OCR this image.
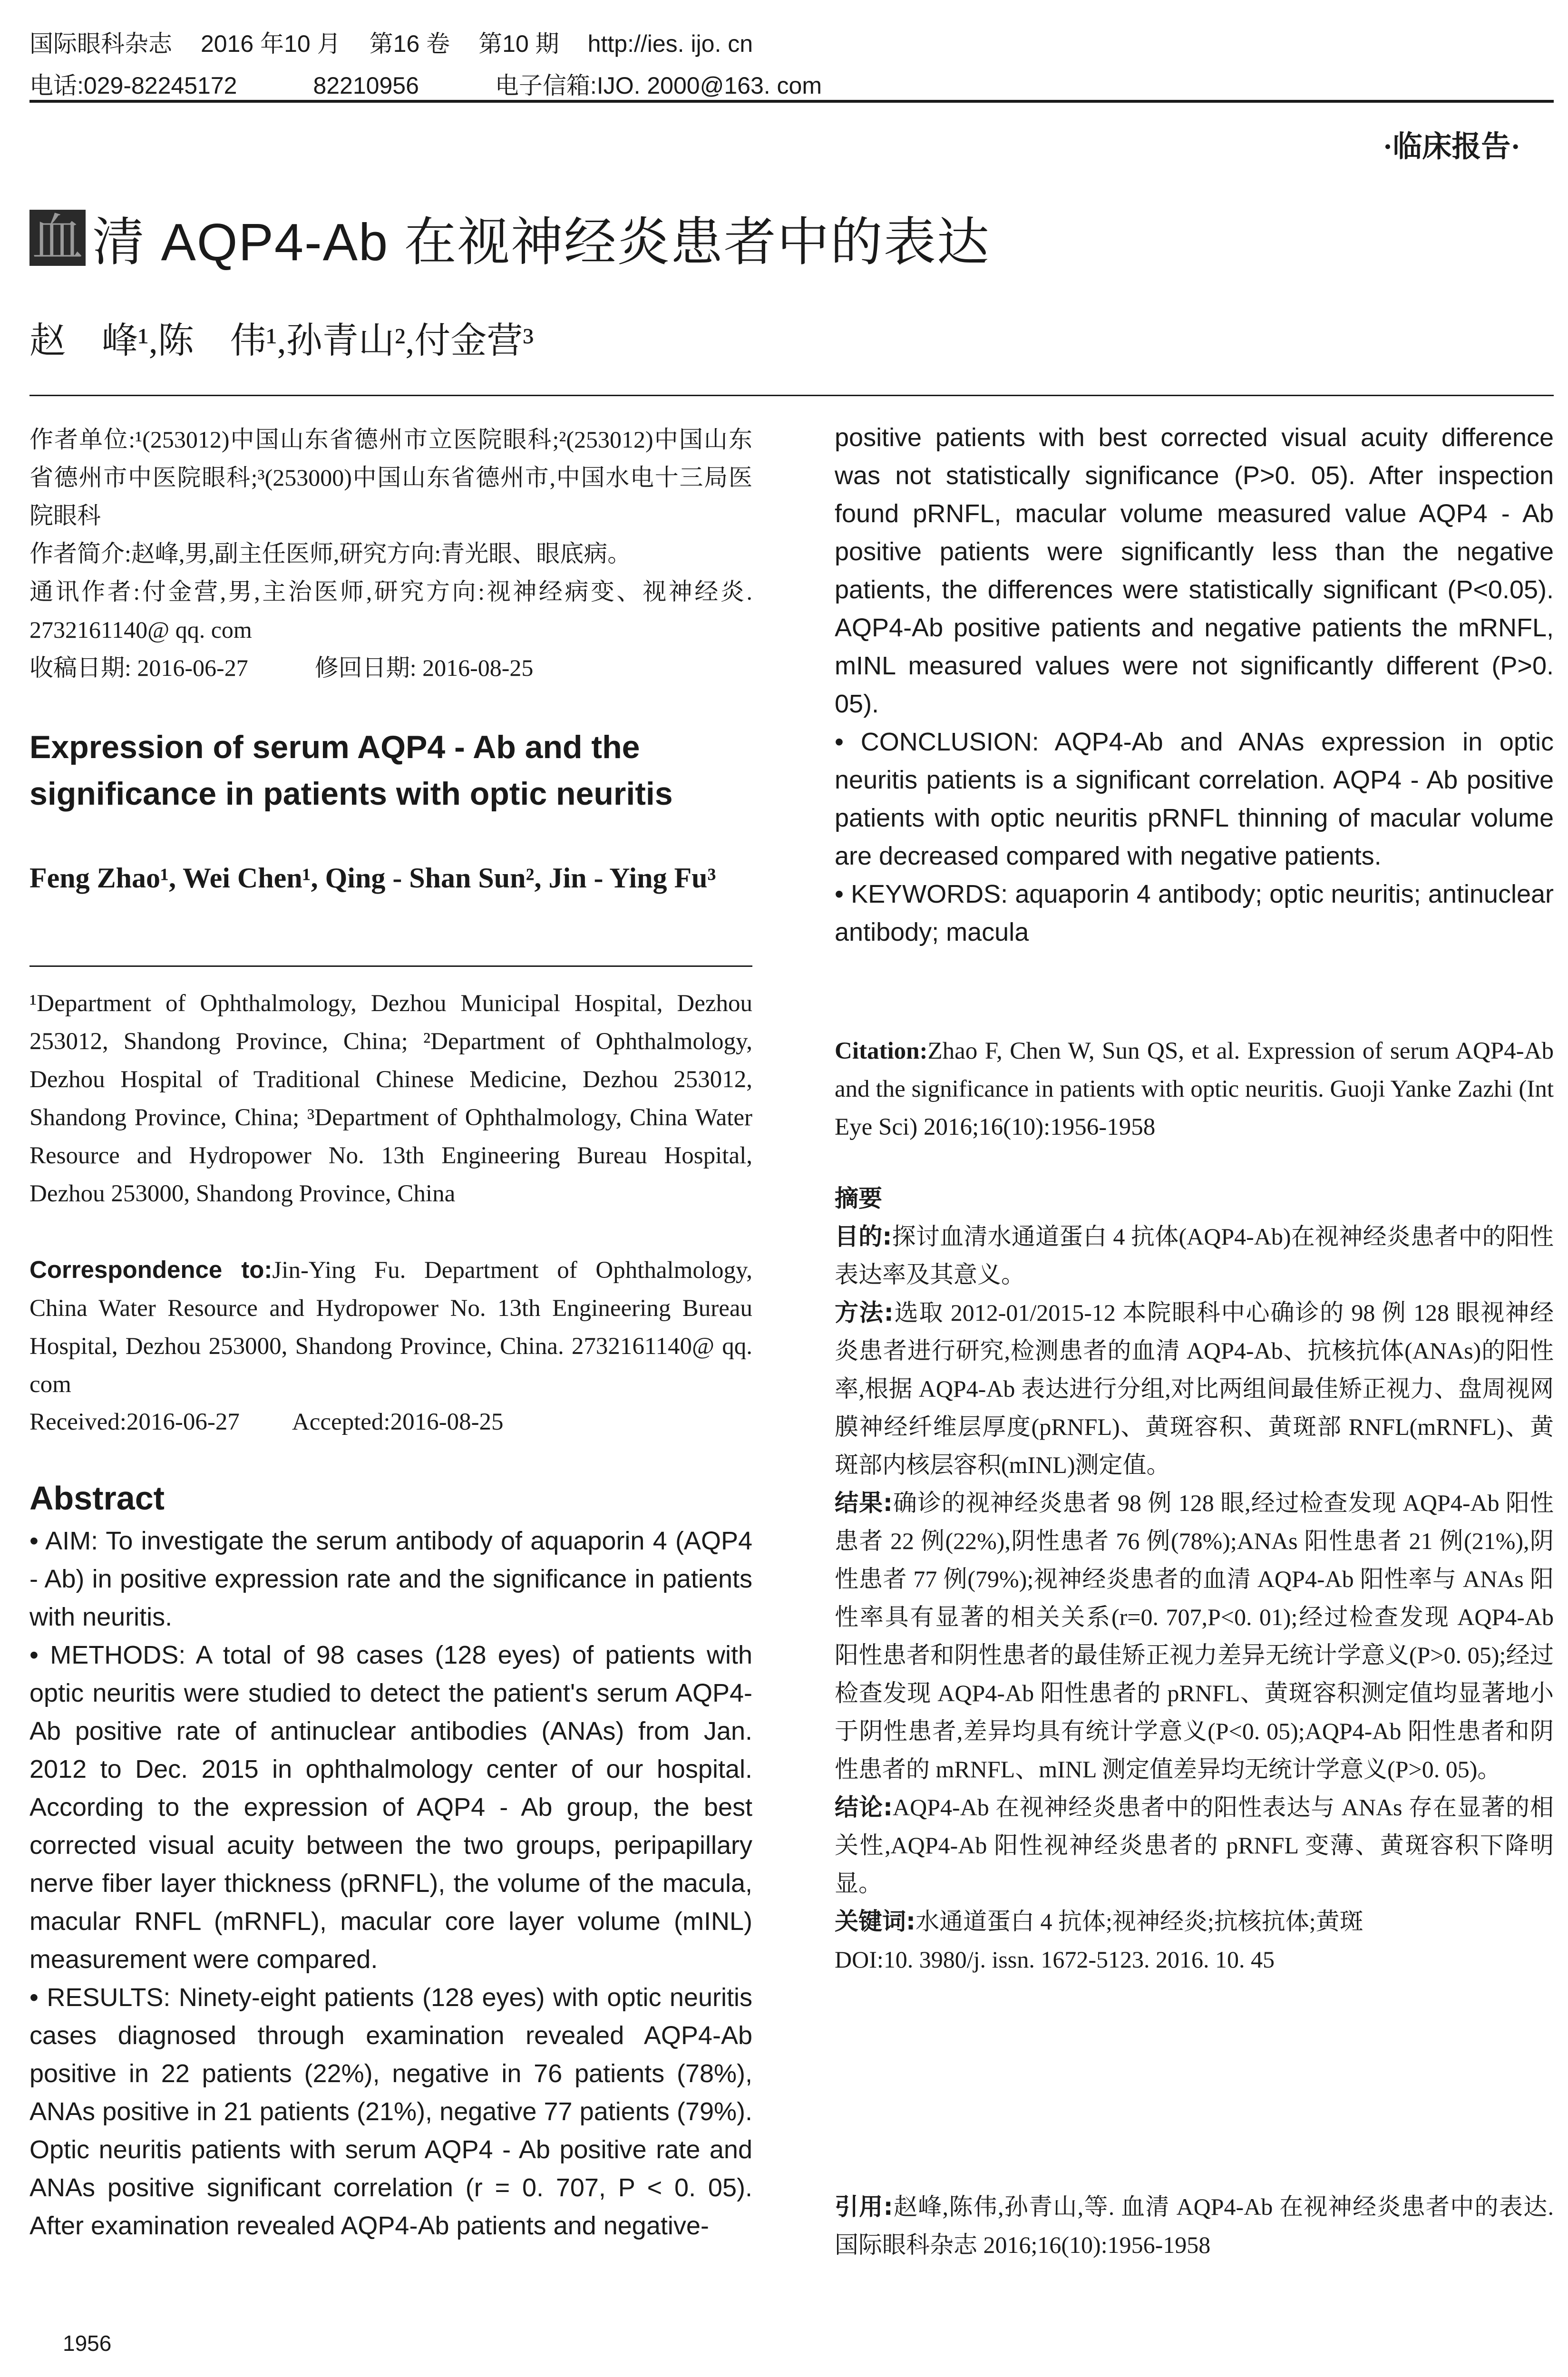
国际眼科杂志 2016 年10 月 第16 卷 第10 期 http://ies. ijo. cn
电话:029-82245172	82210956	电子信箱:IJO. 2000@163. com
·临床报告·
血 清 AQP4-Ab 在视神经炎患者中的表达
赵　峰¹,陈　伟¹,孙青山²,付金营³
作者单位:¹(253012)中国山东省德州市立医院眼科;²(253012)中国山东省德州市中医院眼科;³(253000)中国山东省德州市,中国水电十三局医院眼科
作者简介:赵峰,男,副主任医师,研究方向:青光眼、眼底病。
通讯作者:付金营,男,主治医师,研究方向:视神经病变、视神经炎. 2732161140@ qq. com
收稿日期: 2016-06-27	修回日期: 2016-08-25
Expression of serum AQP4 - Ab and the significance in patients with optic neuritis
Feng Zhao¹, Wei Chen¹, Qing - Shan Sun², Jin - Ying Fu³
¹Department of Ophthalmology, Dezhou Municipal Hospital, Dezhou 253012, Shandong Province, China; ²Department of Ophthalmology, Dezhou Hospital of Traditional Chinese Medicine, Dezhou 253012, Shandong Province, China; ³Department of Ophthalmology, China Water Resource and Hydropower No. 13th Engineering Bureau Hospital, Dezhou 253000, Shandong Province, China
Correspondence to:Jin-Ying Fu. Department of Ophthalmology, China Water Resource and Hydropower No. 13th Engineering Bureau Hospital, Dezhou 253000, Shandong Province, China. 2732161140@ qq. com
Received:2016-06-27 Accepted:2016-08-25
Abstract
• AIM: To investigate the serum antibody of aquaporin 4 (AQP4 - Ab) in positive expression rate and the significance in patients with neuritis.
• METHODS: A total of 98 cases (128 eyes) of patients with optic neuritis were studied to detect the patient's serum AQP4-Ab positive rate of antinuclear antibodies (ANAs) from Jan. 2012 to Dec. 2015 in ophthalmology center of our hospital. According to the expression of AQP4 - Ab group, the best corrected visual acuity between the two groups, peripapillary nerve fiber layer thickness (pRNFL), the volume of the macula, macular RNFL (mRNFL), macular core layer volume (mINL) measurement were compared.
• RESULTS: Ninety-eight patients (128 eyes) with optic neuritis cases diagnosed through examination revealed AQP4-Ab positive in 22 patients (22%), negative in 76 patients (78%), ANAs positive in 21 patients (21%), negative 77 patients (79%). Optic neuritis patients with serum AQP4 - Ab positive rate and ANAs positive significant correlation (r = 0. 707, P < 0. 05). After examination revealed AQP4-Ab patients and negative-
positive patients with best corrected visual acuity difference was not statistically significance (P>0. 05). After inspection found pRNFL, macular volume measured value AQP4 - Ab positive patients were significantly less than the negative patients, the differences were statistically significant (P<0.05). AQP4-Ab positive patients and negative patients the mRNFL, mINL measured values were not significantly different (P>0. 05).
• CONCLUSION: AQP4-Ab and ANAs expression in optic neuritis patients is a significant correlation. AQP4 - Ab positive patients with optic neuritis pRNFL thinning of macular volume are decreased compared with negative patients.
• KEYWORDS: aquaporin 4 antibody; optic neuritis; antinuclear antibody; macula
Citation:Zhao F, Chen W, Sun QS, et al. Expression of serum AQP4-Ab and the significance in patients with optic neuritis. Guoji Yanke Zazhi (Int Eye Sci) 2016;16(10):1956-1958
摘要
目的:探讨血清水通道蛋白 4 抗体(AQP4-Ab)在视神经炎患者中的阳性表达率及其意义。
方法:选取 2012-01/2015-12 本院眼科中心确诊的 98 例 128 眼视神经炎患者进行研究,检测患者的血清 AQP4-Ab、抗核抗体(ANAs)的阳性率,根据 AQP4-Ab 表达进行分组,对比两组间最佳矫正视力、盘周视网膜神经纤维层厚度(pRNFL)、黄斑容积、黄斑部 RNFL(mRNFL)、黄斑部内核层容积(mINL)测定值。
结果:确诊的视神经炎患者 98 例 128 眼,经过检查发现 AQP4-Ab 阳性患者 22 例(22%),阴性患者 76 例(78%);ANAs 阳性患者 21 例(21%),阴性患者 77 例(79%);视神经炎患者的血清 AQP4-Ab 阳性率与 ANAs 阳性率具有显著的相关关系(r=0. 707,P<0. 01);经过检查发现 AQP4-Ab 阳性患者和阴性患者的最佳矫正视力差异无统计学意义(P>0. 05);经过检查发现 AQP4-Ab 阳性患者的 pRNFL、黄斑容积测定值均显著地小于阴性患者,差异均具有统计学意义(P<0. 05);AQP4-Ab 阳性患者和阴性患者的 mRNFL、mINL 测定值差异均无统计学意义(P>0. 05)。
结论:AQP4-Ab 在视神经炎患者中的阳性表达与 ANAs 存在显著的相关性,AQP4-Ab 阳性视神经炎患者的 pRNFL 变薄、黄斑容积下降明显。
关键词:水通道蛋白 4 抗体;视神经炎;抗核抗体;黄斑
DOI:10. 3980/j. issn. 1672-5123. 2016. 10. 45
引用:赵峰,陈伟,孙青山,等. 血清 AQP4-Ab 在视神经炎患者中的表达. 国际眼科杂志 2016;16(10):1956-1958
1956
